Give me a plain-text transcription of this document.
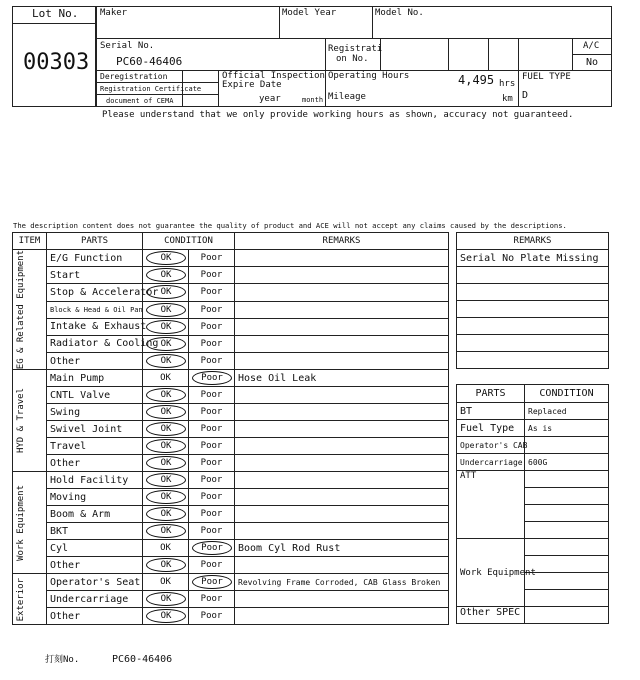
Lot No.
00303
Maker	Model Year	Model No.
Serial No.
PC60-46406
Registrati
on No.
A/C
No
Deregistration
Registration Certificate
document of CEMA
Official Inspection
Expire Date
year	month
Operating Hours	4,495 hrs
Mileage	km
FUEL TYPE
D
Please understand that we only provide working hours as shown, accuracy not guaranteed.
The description content does not guarantee the quality of product and ACE will not accept any claims caused by the descriptions.
ITEM	PARTS	CONDITION		REMARKS

EG & Related Equipment	E/G Function	OK	Poor	
	Start	OK	Poor	
	Stop & Accelerator	OK	Poor	
	Block & Head & Oil Pan	OK	Poor	
	Intake & Exhaust	OK	Poor	
	Radiator & Cooling	OK	Poor	
	Other	OK	Poor	

HYD & Travel	Main Pump	OK	Poor	Hose Oil Leak
	CNTL Valve	OK	Poor	
	Swing	OK	Poor	
	Swivel Joint	OK	Poor	
	Travel	OK	Poor	
	Other	OK	Poor	

Work Equipment	Hold Facility	OK	Poor	
	Moving	OK	Poor	
	Boom & Arm	OK	Poor	
	BKT	OK	Poor	
	Cyl	OK	Poor	Boom Cyl Rod Rust
	Other	OK	Poor	

Exterior	Operator's Seat	OK	Poor	Revolving Frame Corroded, CAB Glass Broken
	Undercarriage	OK	Poor	
	Other	OK	Poor	
REMARKS
Serial No Plate Missing

PARTS	CONDITION
BT	Replaced
Fuel Type	As is
Operator's CAB	
Undercarriage	600G
ATT	

Work Equipment	

Other SPEC	
打刻No.	PC60-46406
